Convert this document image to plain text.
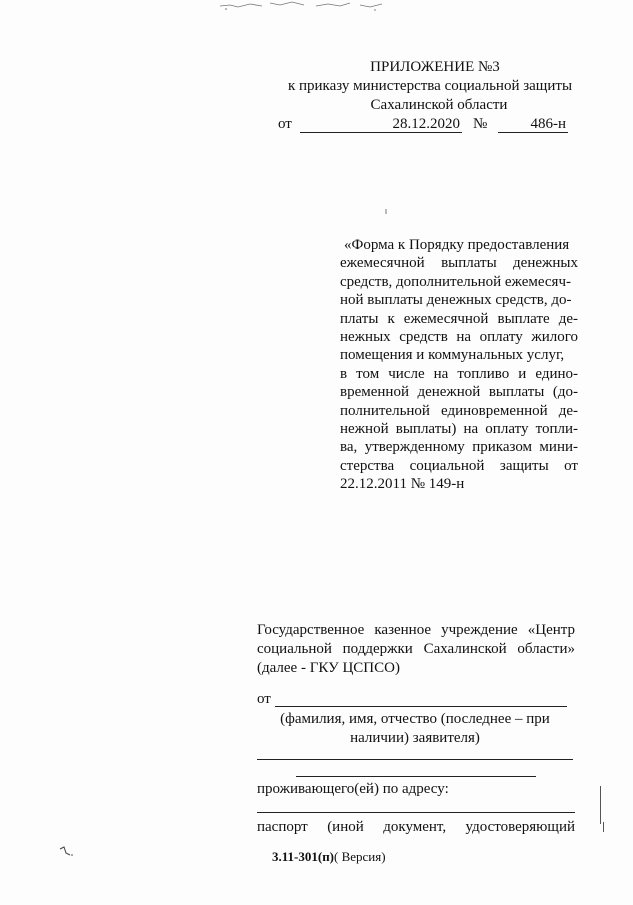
ПРИЛОЖЕНИЕ №3
к приказу министерства социальной защиты
Сахалинской области
от	28.12.2020 №	486-н
«Форма к Порядку предоставления
ежемесячной выплаты денежных
средств, дополнительной ежемесяч-
ной выплаты денежных средств, до-
платы к ежемесячной выплате де-
нежных средств на оплату жилого
помещения и коммунальных услуг,
в том числе на топливо и едино-
временной денежной выплаты (до-
полнительной единовременной де-
нежной выплаты) на оплату топли-
ва, утвержденному приказом мини-
стерства социальной защиты от
22.12.2011 № 149-н
Государственное казенное учреждение «Центр социальной поддержки Сахалинской области» (далее - ГКУ ЦСПСО)
от
(фамилия, имя, отчество (последнее – при наличии) заявителя)
проживающего(ей) по адресу:
паспорт (иной документ, удостоверяющий
3.11-301(п)( Версия)
